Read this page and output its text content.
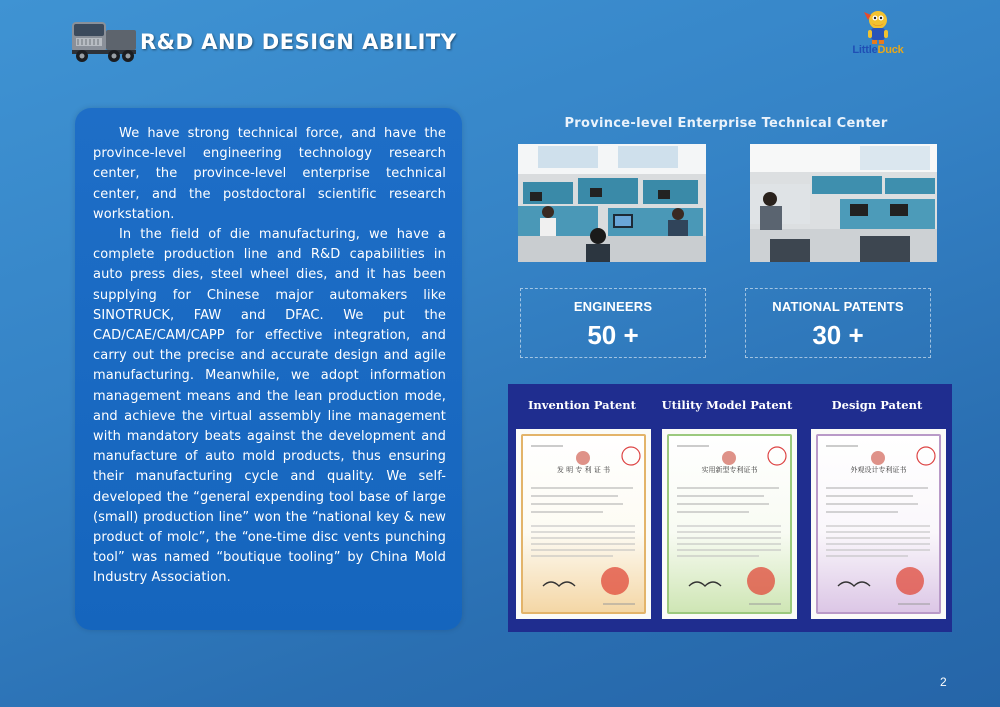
R&D AND DESIGN ABILITY	LittleDuck

We have strong technical force, and have the province-level engineering technology research center, the province-level enterprise technical center, and the postdoctoral scientific research workstation.

In the field of die manufacturing, we have a complete production line and R&D capabilities in auto press dies, steel wheel dies, and it has been supplying for Chinese major automakers like SINOTRUCK, FAW and DFAC. We put the CAD/CAE/CAM/CAPP for effective integration, and carry out the precise and accurate design and agile manufacturing. Meanwhile, we adopt information management means and the lean production mode, and achieve the virtual assembly line management with mandatory beats against the development and manufacture of auto mold products, thus ensuring their manufacturing cycle and quality. We self-developed the “general expending tool base of large (small) production line” won the “national key & new product of molc”, the “one-time disc vents punching tool” was named “boutique tooling” by China Mold Industry Association.

Province-level Enterprise Technical Center
ENGINEERS
50 +
NATIONAL PATENTS
30 +
Invention Patent	Utility Model Patent	Design Patent
发 明 专 利 证 书	实用新型专利证书	外观设计专利证书
2
